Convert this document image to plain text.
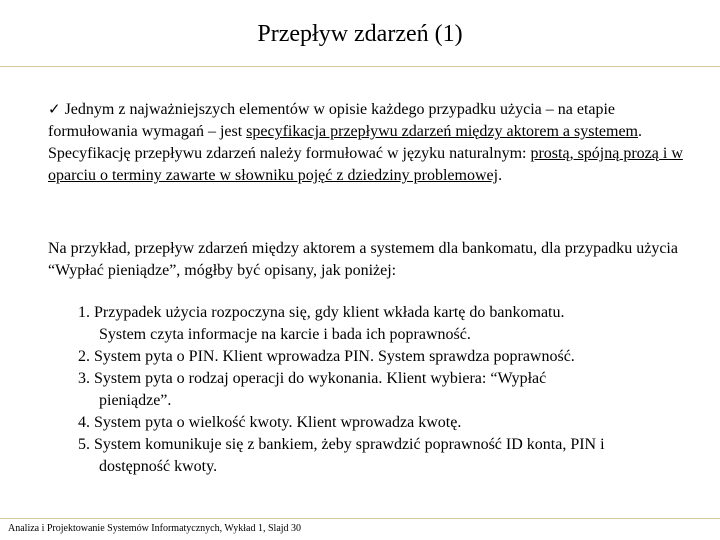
Przepływ zdarzeń (1)
✓ Jednym z najważniejszych elementów w opisie każdego przypadku użycia – na etapie formułowania wymagań – jest specyfikacja przepływu zdarzeń między aktorem a systemem. Specyfikację przepływu zdarzeń należy formułować w języku naturalnym: prostą, spójną prozą i w oparciu o terminy zawarte w słowniku pojęć z dziedziny problemowej.
Na przykład, przepływ zdarzeń między aktorem a systemem dla bankomatu, dla przypadku użycia “Wypłać pieniądze”, mógłby być opisany, jak poniżej:
1. Przypadek użycia rozpoczyna się, gdy klient wkłada kartę do bankomatu.
System czyta informacje na karcie i bada ich poprawność.
2. System pyta o PIN. Klient wprowadza PIN. System sprawdza poprawność.
3. System pyta o rodzaj operacji do wykonania. Klient wybiera: “Wypłać
pieniądze”.
4. System pyta o wielkość kwoty. Klient wprowadza kwotę.
5. System komunikuje się z bankiem, żeby sprawdzić poprawność ID konta, PIN i
dostępność kwoty.
Analiza i Projektowanie Systemów Informatycznych, Wykład 1, Slajd 30
